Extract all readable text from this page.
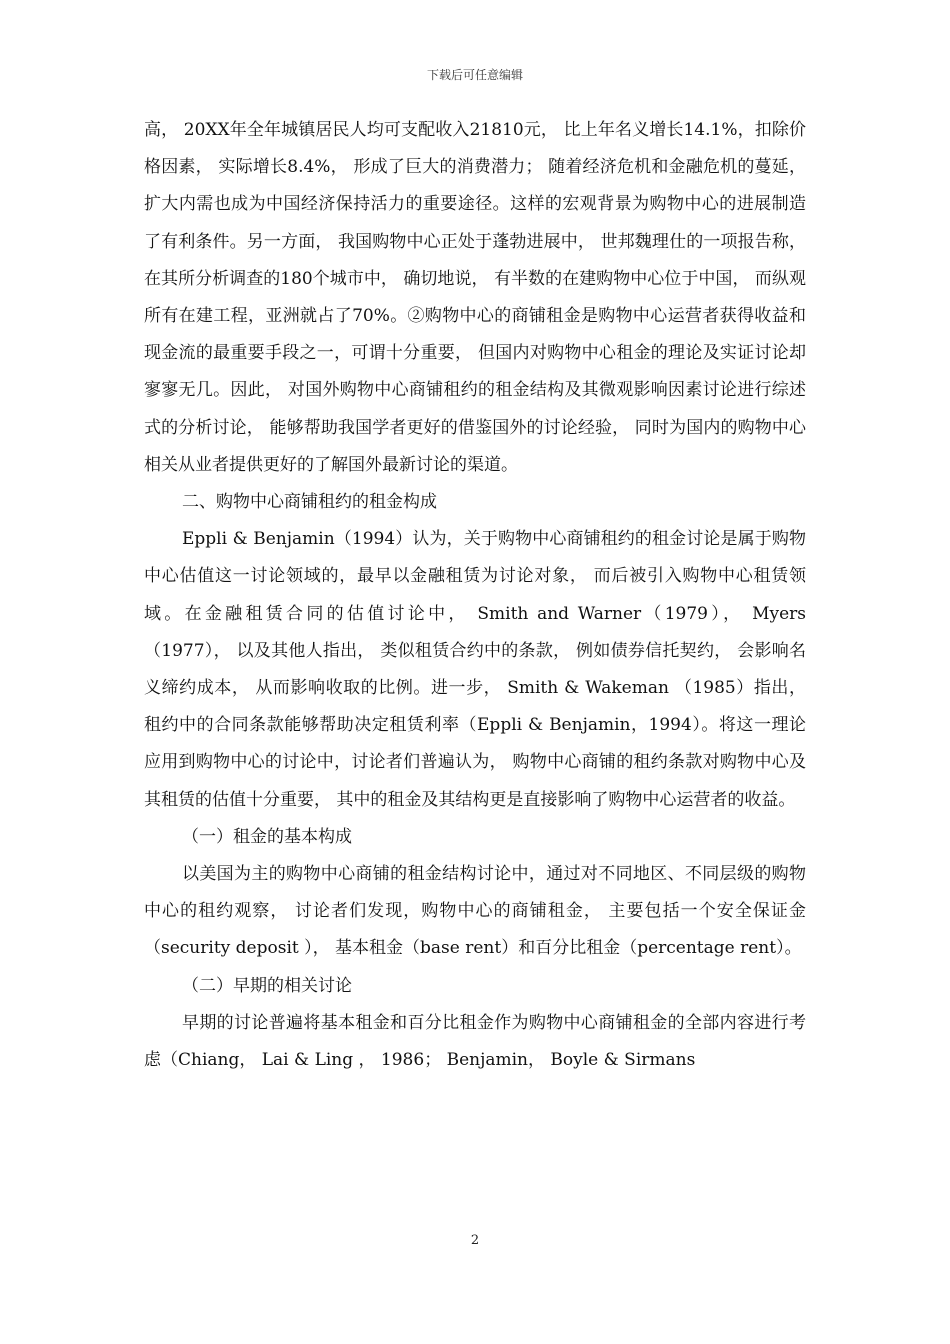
下载后可任意编辑

高， 20XX年全年城镇居民人均可支配收入21810元， 比上年名义增长14.1%，扣除价格因素， 实际增长8.4%， 形成了巨大的消费潜力； 随着经济危机和金融危机的蔓延， 扩大内需也成为中国经济保持活力的重要途径。这样的宏观背景为购物中心的进展制造了有利条件。另一方面， 我国购物中心正处于蓬勃进展中， 世邦魏理仕的一项报告称， 在其所分析调查的180个城市中， 确切地说， 有半数的在建购物中心位于中国， 而纵观所有在建工程，亚洲就占了70%。②购物中心的商铺租金是购物中心运营者获得收益和现金流的最重要手段之一，可谓十分重要， 但国内对购物中心租金的理论及实证讨论却寥寥无几。因此， 对国外购物中心商铺租约的租金结构及其微观影响因素讨论进行综述式的分析讨论， 能够帮助我国学者更好的借鉴国外的讨论经验， 同时为国内的购物中心相关从业者提供更好的了解国外最新讨论的渠道。

二、购物中心商铺租约的租金构成

Eppli & Benjamin（1994）认为，关于购物中心商铺租约的租金讨论是属于购物中心估值这一讨论领域的，最早以金融租赁为讨论对象， 而后被引入购物中心租赁领域。在金融租赁合同的估值讨论中， Smith and Warner（1979）， Myers （1977）， 以及其他人指出， 类似租赁合约中的条款， 例如债券信托契约， 会影响名义缔约成本， 从而影响收取的比例。进一步， Smith & Wakeman （1985）指出， 租约中的合同条款能够帮助决定租赁利率（Eppli & Benjamin，1994）。将这一理论应用到购物中心的讨论中，讨论者们普遍认为， 购物中心商铺的租约条款对购物中心及其租赁的估值十分重要， 其中的租金及其结构更是直接影响了购物中心运营者的收益。

（一）租金的基本构成

以美国为主的购物中心商铺的租金结构讨论中，通过对不同地区、不同层级的购物中心的租约观察， 讨论者们发现，购物中心的商铺租金， 主要包括一个安全保证金（security deposit ）， 基本租金（base rent）和百分比租金（percentage rent）。

（二）早期的相关讨论

早期的讨论普遍将基本租金和百分比租金作为购物中心商铺租金的全部内容进行考虑（Chiang， Lai & Ling ， 1986； Benjamin， Boyle & Sirmans

2
